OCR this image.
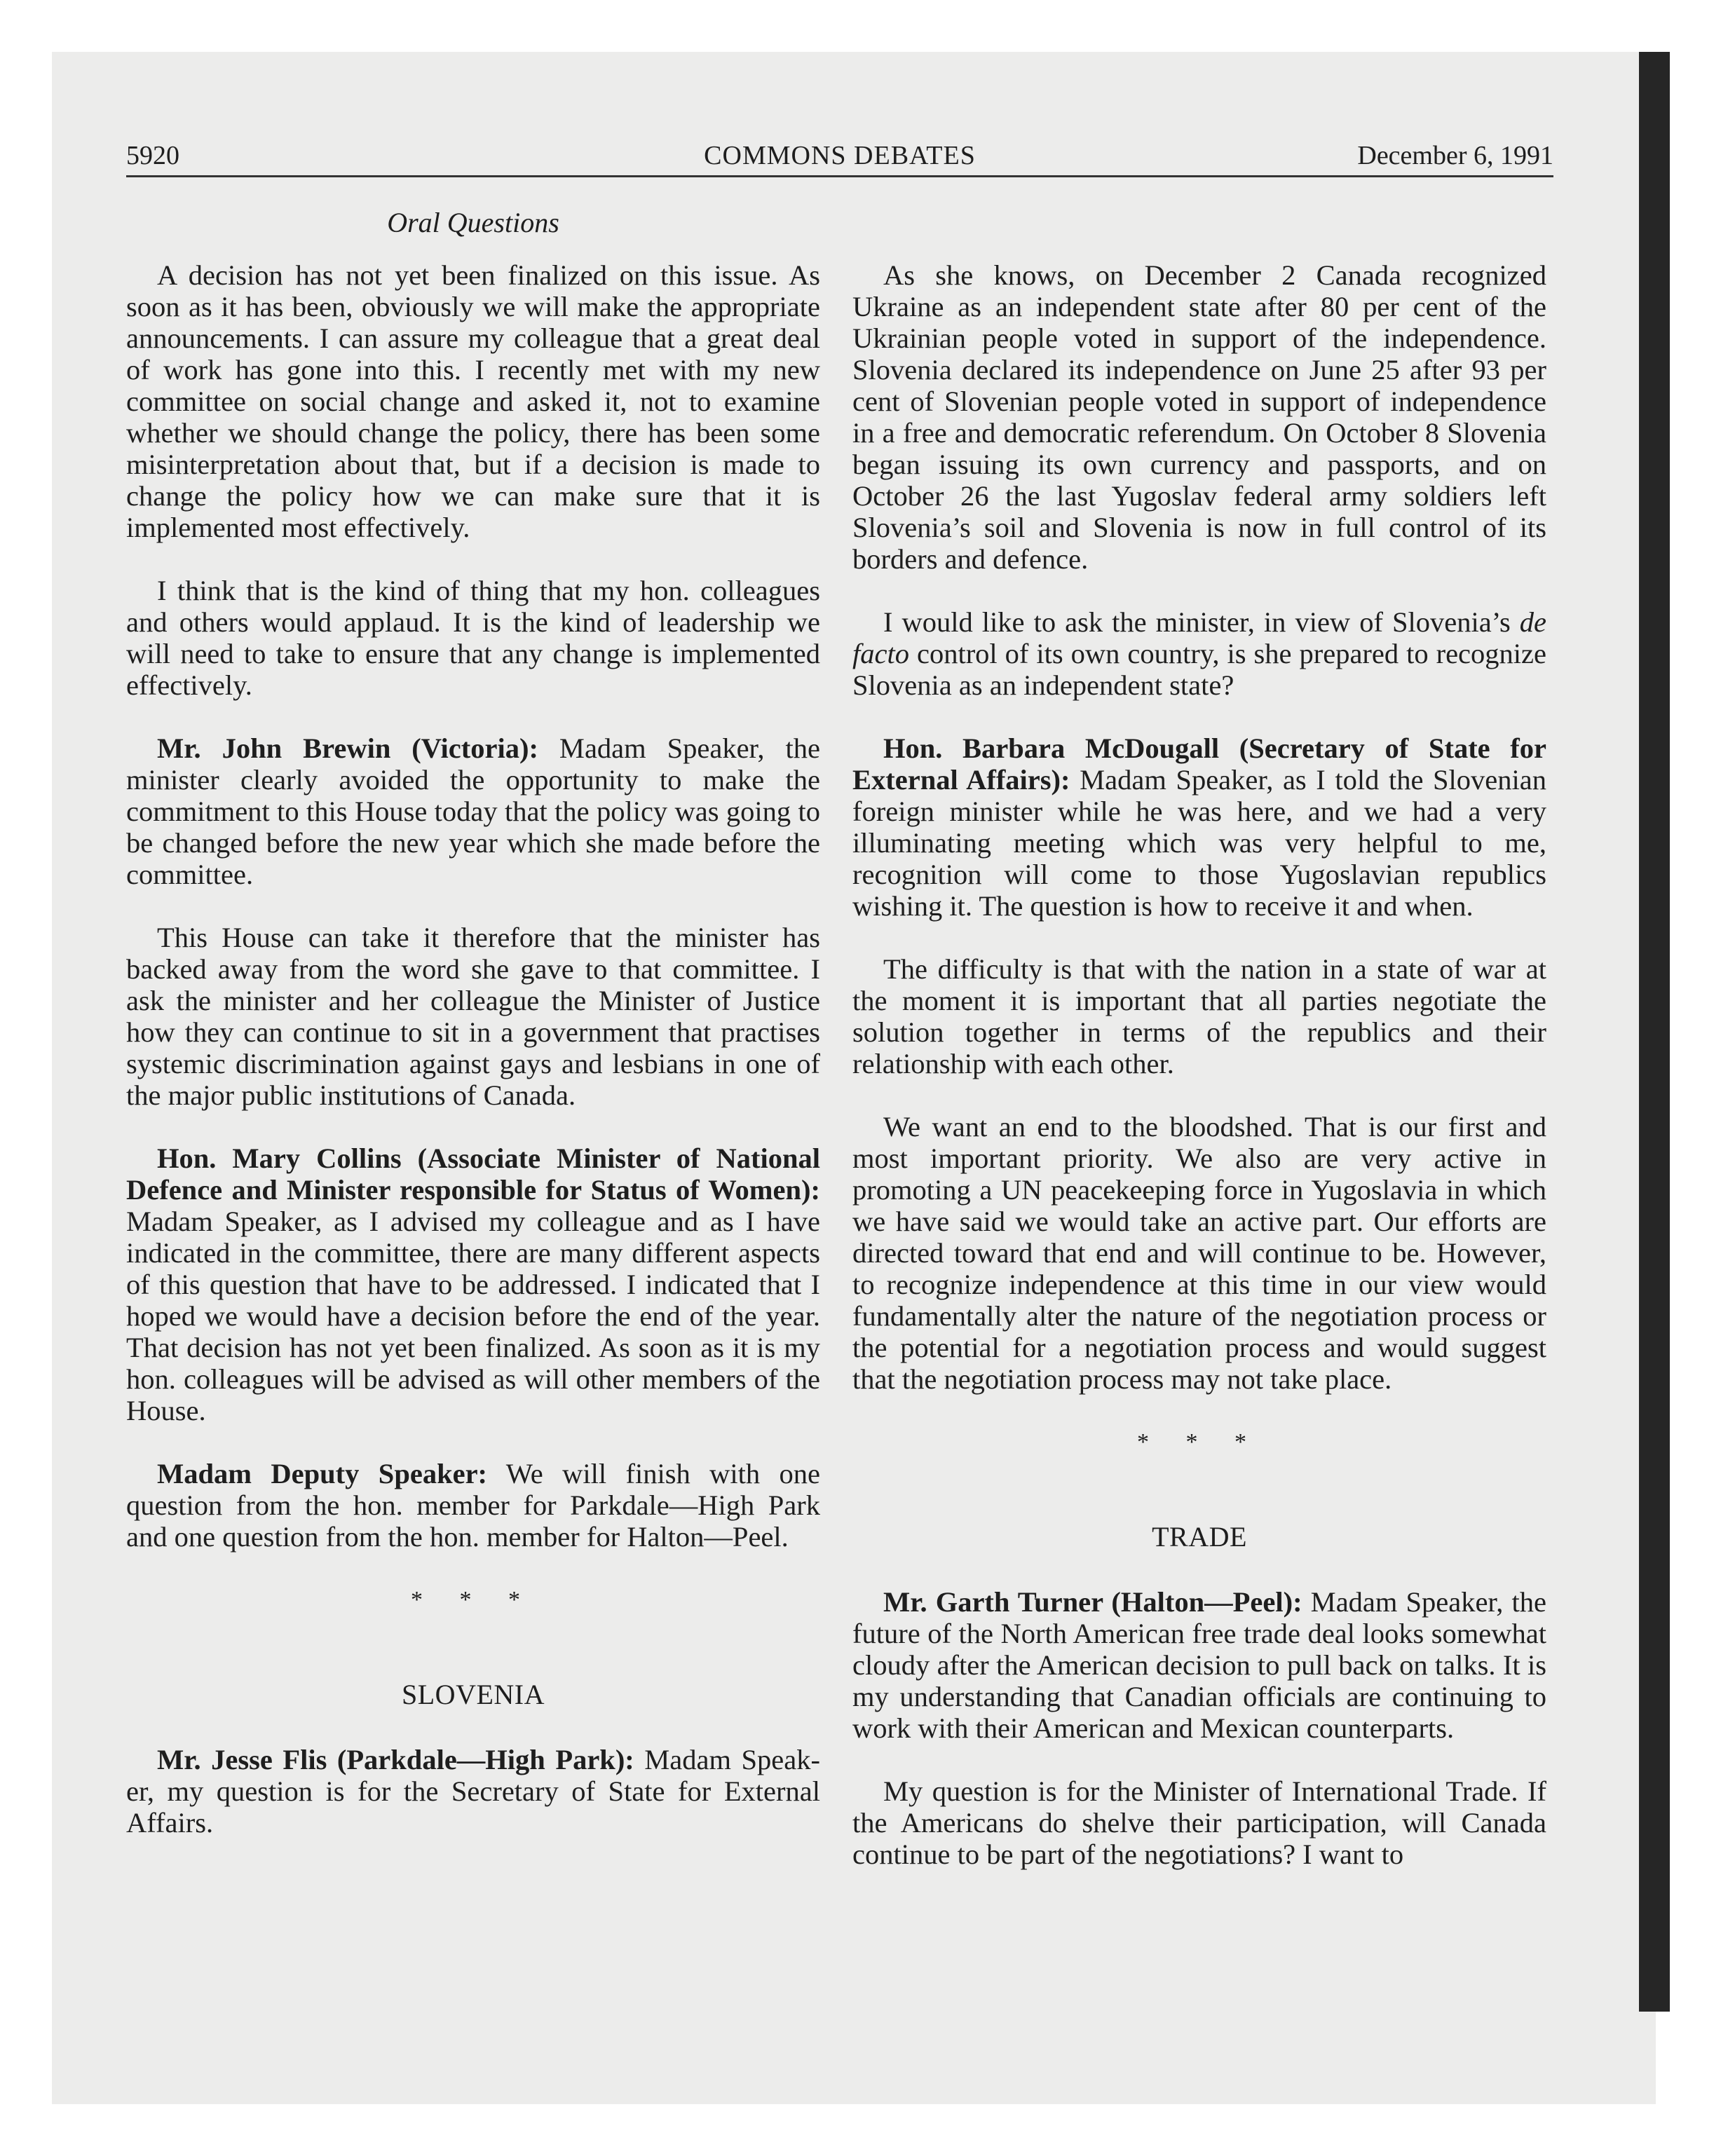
5920	COMMONS DEBATES	December 6, 1991
Oral Questions

A decision has not yet been finalized on this issue. As soon as it has been, obviously we will make the appropriate announcements. I can assure my colleague that a great deal of work has gone into this. I recently met with my new committee on social change and asked it, not to examine whether we should change the policy, there has been some misinterpretation about that, but if a decision is made to change the policy how we can make sure that it is implemented most effectively.

I think that is the kind of thing that my hon. colleagues and others would applaud. It is the kind of leadership we will need to take to ensure that any change is implemented effectively.

Mr. John Brewin (Victoria): Madam Speaker, the minister clearly avoided the opportunity to make the commitment to this House today that the policy was going to be changed before the new year which she made before the committee.

This House can take it therefore that the minister has backed away from the word she gave to that committee. I ask the minister and her colleague the Minister of Justice how they can continue to sit in a government that practises systemic discrimination against gays and lesbians in one of the major public institutions of Canada.

Hon. Mary Collins (Associate Minister of National Defence and Minister responsible for Status of Women): Madam Speaker, as I advised my colleague and as I have indicated in the committee, there are many different aspects of this question that have to be addressed. I indicated that I hoped we would have a decision before the end of the year. That decision has not yet been finalized. As soon as it is my hon. colleagues will be advised as will other members of the House.

Madam Deputy Speaker: We will finish with one question from the hon. member for Parkdale—High Park and one question from the hon. member for Halton—Peel.

* * *
SLOVENIA

Mr. Jesse Flis (Parkdale—High Park): Madam Speaker, my question is for the Secretary of State for External Affairs.

As she knows, on December 2 Canada recognized Ukraine as an independent state after 80 per cent of the Ukrainian people voted in support of the independence. Slovenia declared its independence on June 25 after 93 per cent of Slovenian people voted in support of independence in a free and democratic referendum. On October 8 Slovenia began issuing its own currency and passports, and on October 26 the last Yugoslav federal army soldiers left Slovenia’s soil and Slovenia is now in full control of its borders and defence.

I would like to ask the minister, in view of Slovenia’s de facto control of its own country, is she prepared to recognize Slovenia as an independent state?

Hon. Barbara McDougall (Secretary of State for External Affairs): Madam Speaker, as I told the Slovenian foreign minister while he was here, and we had a very illuminating meeting which was very helpful to me, recognition will come to those Yugoslavian republics wishing it. The question is how to receive it and when.

The difficulty is that with the nation in a state of war at the moment it is important that all parties negotiate the solution together in terms of the republics and their relationship with each other.

We want an end to the bloodshed. That is our first and most important priority. We also are very active in promoting a UN peacekeeping force in Yugoslavia in which we have said we would take an active part. Our efforts are directed toward that end and will continue to be. However, to recognize independence at this time in our view would fundamentally alter the nature of the negotiation process or the potential for a negotiation process and would suggest that the negotiation process may not take place.

* * *
TRADE

Mr. Garth Turner (Halton—Peel): Madam Speaker, the future of the North American free trade deal looks somewhat cloudy after the American decision to pull back on talks. It is my understanding that Canadian officials are continuing to work with their American and Mexican counterparts.

My question is for the Minister of International Trade. If the Americans do shelve their participation, will Canada continue to be part of the negotiations? I want to
